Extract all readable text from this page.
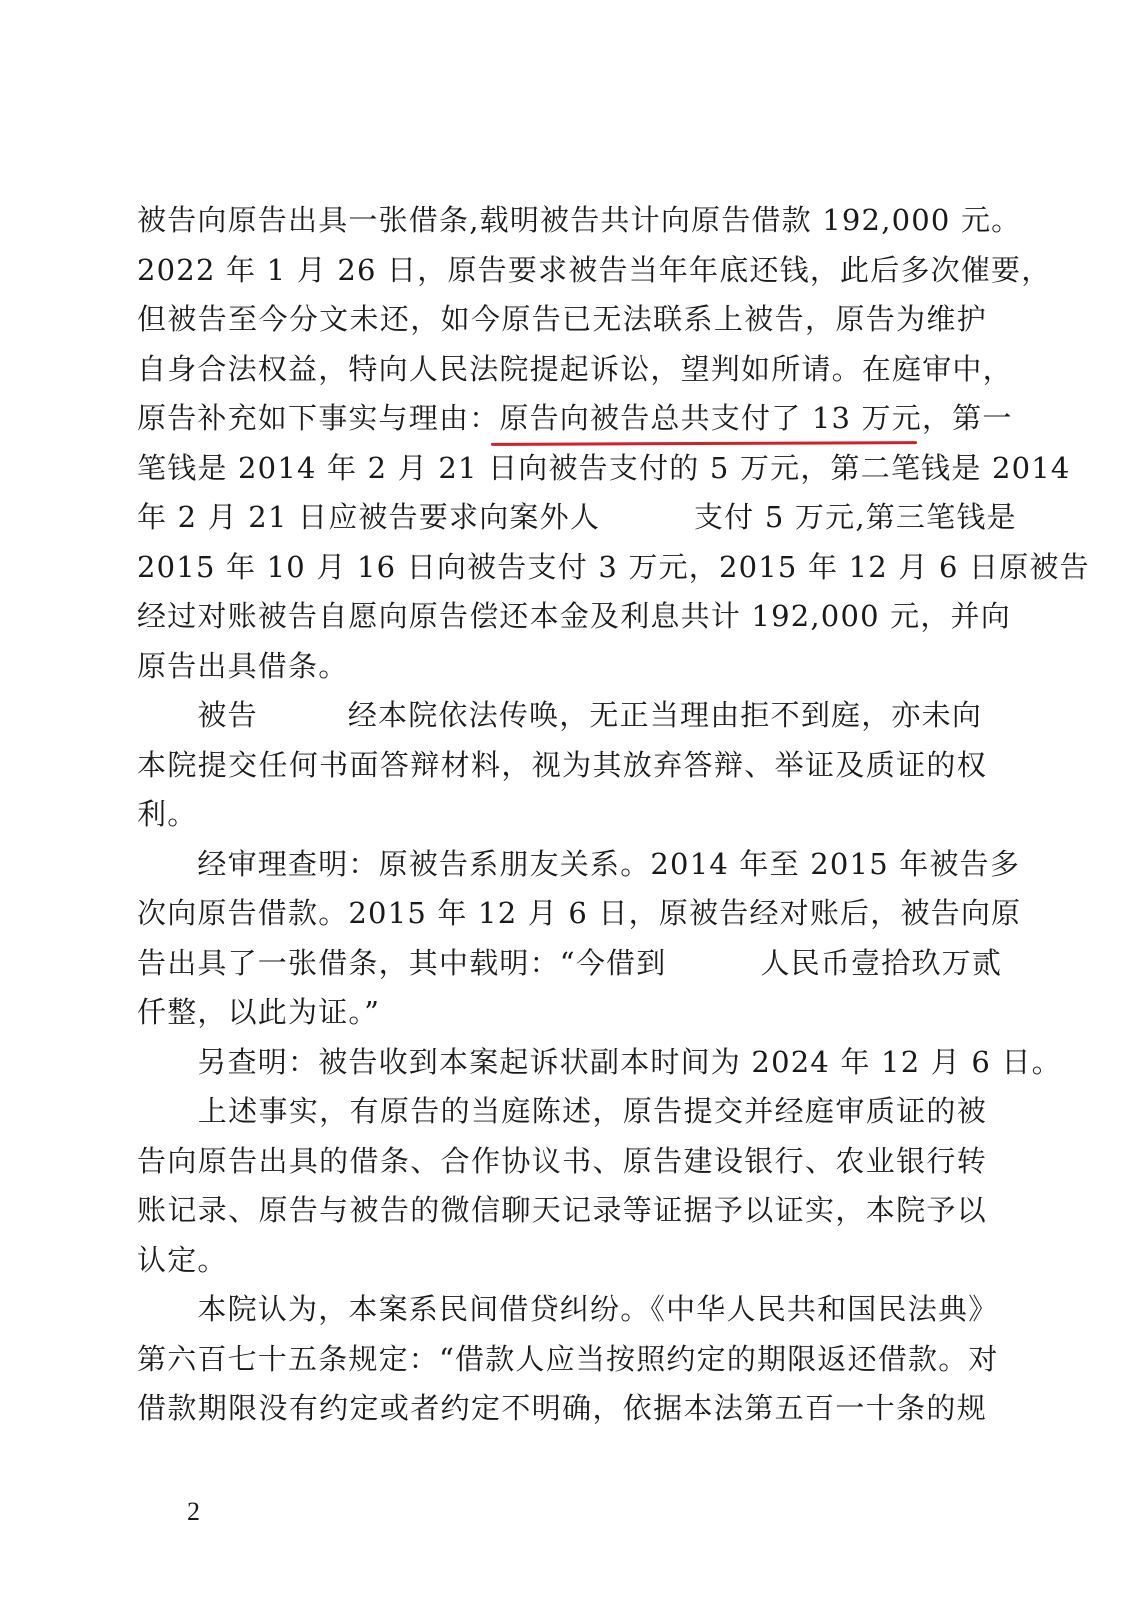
被告向原告出具一张借条,载明被告共计向原告借款 192,000 元。
2022 年 1 月 26 日，原告要求被告当年年底还钱，此后多次催要，
但被告至今分文未还，如今原告已无法联系上被告，原告为维护
自身合法权益，特向人民法院提起诉讼，望判如所请。在庭审中，
原告补充如下事实与理由：原告向被告总共支付了 13 万元，第一
笔钱是 2014 年 2 月 21 日向被告支付的 5 万元，第二笔钱是 2014
年 2 月 21 日应被告要求向案外人	支付 5 万元,第三笔钱是
2015 年 10 月 16 日向被告支付 3 万元，2015 年 12 月 6 日原被告
经过对账被告自愿向原告偿还本金及利息共计 192,000 元，并向
原告出具借条。
　　被告	经本院依法传唤，无正当理由拒不到庭，亦未向
本院提交任何书面答辩材料，视为其放弃答辩、举证及质证的权
利。
　　经审理查明：原被告系朋友关系。2014 年至 2015 年被告多
次向原告借款。2015 年 12 月 6 日，原被告经对账后，被告向原
告出具了一张借条，其中载明：“今借到	人民币壹拾玖万贰
仟整，以此为证。”
　　另查明：被告收到本案起诉状副本时间为 2024 年 12 月 6 日。
　　上述事实，有原告的当庭陈述，原告提交并经庭审质证的被
告向原告出具的借条、合作协议书、原告建设银行、农业银行转
账记录、原告与被告的微信聊天记录等证据予以证实，本院予以
认定。
　　本院认为，本案系民间借贷纠纷。《中华人民共和国民法典》
第六百七十五条规定：“借款人应当按照约定的期限返还借款。对
借款期限没有约定或者约定不明确，依据本法第五百一十条的规
2
